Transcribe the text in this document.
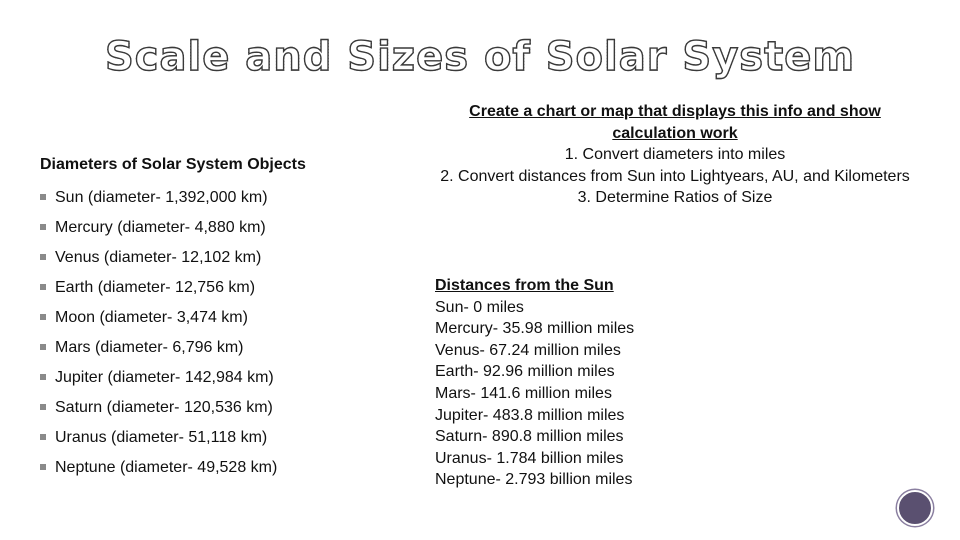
Scale and Sizes of Solar System
Diameters of Solar System Objects
Sun (diameter- 1,392,000 km)
Mercury (diameter- 4,880 km)
Venus (diameter- 12,102 km)
Earth (diameter- 12,756 km)
Moon (diameter- 3,474 km)
Mars (diameter- 6,796 km)
Jupiter (diameter- 142,984 km)
Saturn (diameter- 120,536 km)
Uranus (diameter- 51,118 km)
Neptune (diameter- 49,528 km)
Create a chart or map that displays this info and show calculation work
1. Convert diameters into miles
2. Convert distances from Sun into Lightyears, AU, and Kilometers
3. Determine Ratios of Size
Distances from the Sun
Sun- 0 miles
Mercury- 35.98 million miles
Venus- 67.24 million miles
Earth- 92.96 million miles
Mars- 141.6 million miles
Jupiter- 483.8 million miles
Saturn- 890.8 million miles
Uranus- 1.784 billion miles
Neptune- 2.793 billion miles
